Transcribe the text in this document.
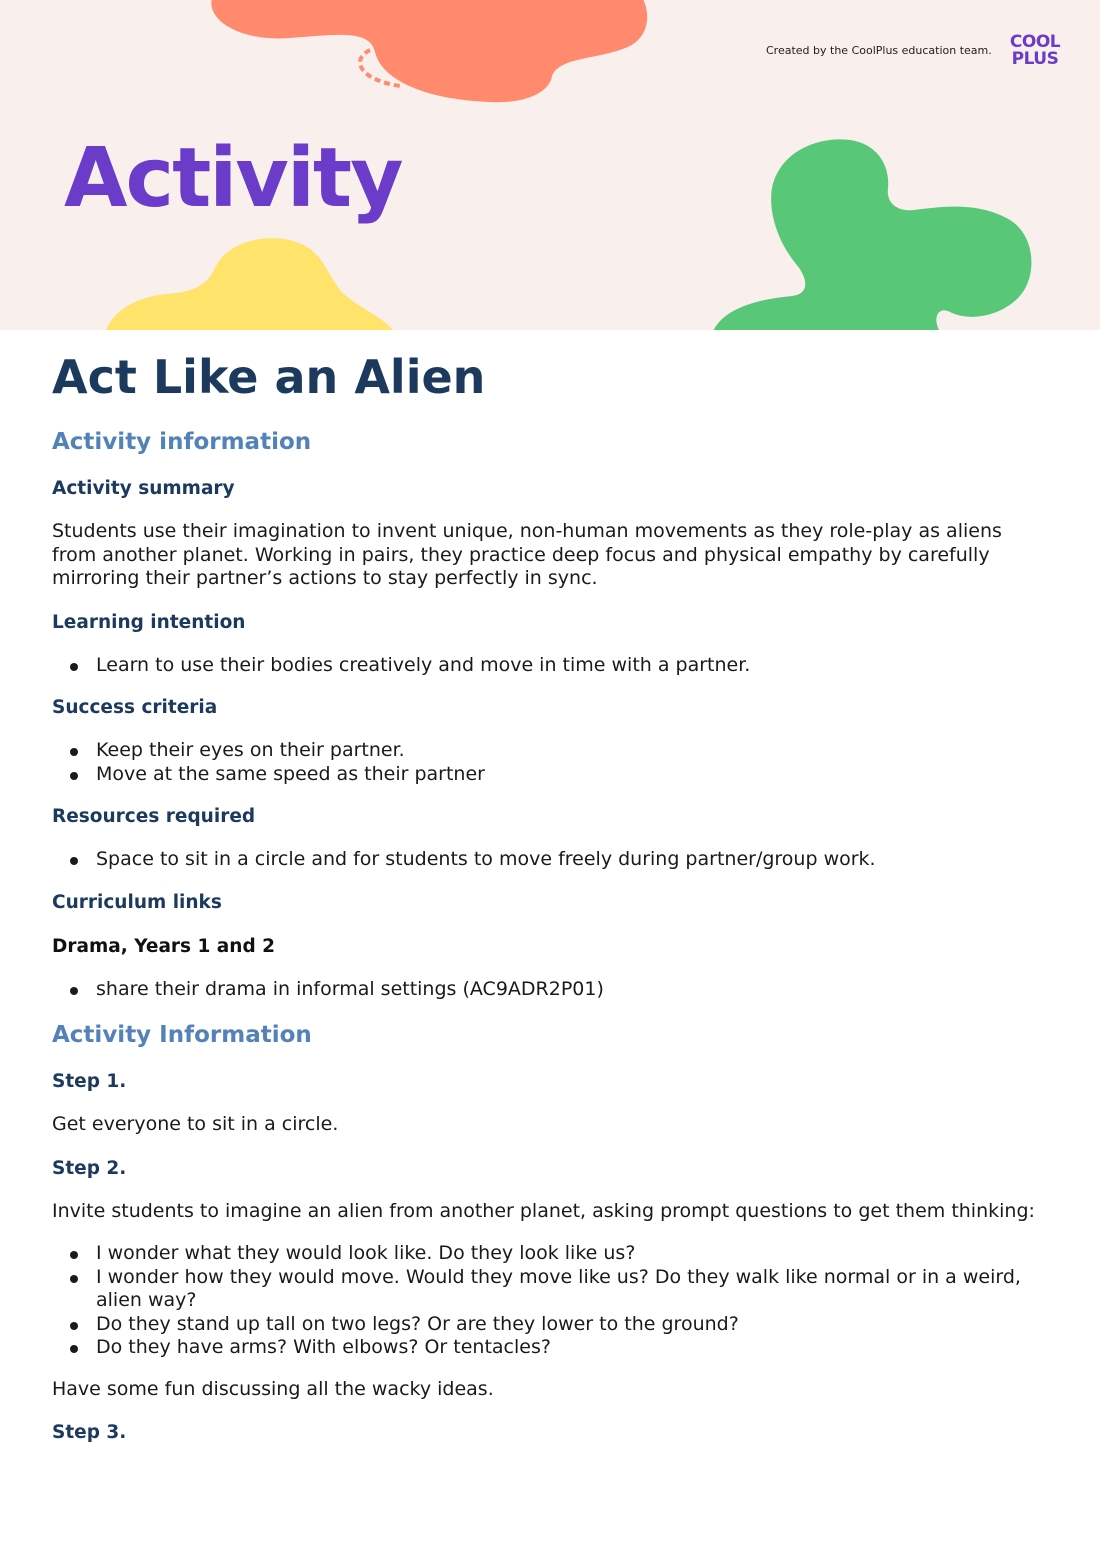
Created by the CoolPlus education team.	COOL
PLUS
Activity
Act Like an Alien
Activity information
Activity summary

Students use their imagination to invent unique, non-human movements as they role-play as aliens from another planet. Working in pairs, they practice deep focus and physical empathy by carefully mirroring their partner’s actions to stay perfectly in sync.

Learning intention
Learn to use their bodies creatively and move in time with a partner.
Success criteria
Keep their eyes on their partner.
Move at the same speed as their partner
Resources required
Space to sit in a circle and for students to move freely during partner/group work.
Curriculum links
Drama, Years 1 and 2
share their drama in informal settings (AC9ADR2P01)
Activity Information
Step 1.

Get everyone to sit in a circle.

Step 2.

Invite students to imagine an alien from another planet, asking prompt questions to get them thinking:

I wonder what they would look like. Do they look like us?
I wonder how they would move. Would they move like us? Do they walk like normal or in a weird, alien way?
Do they stand up tall on two legs? Or are they lower to the ground?
Do they have arms? With elbows? Or tentacles?

Have some fun discussing all the wacky ideas.

Step 3.
